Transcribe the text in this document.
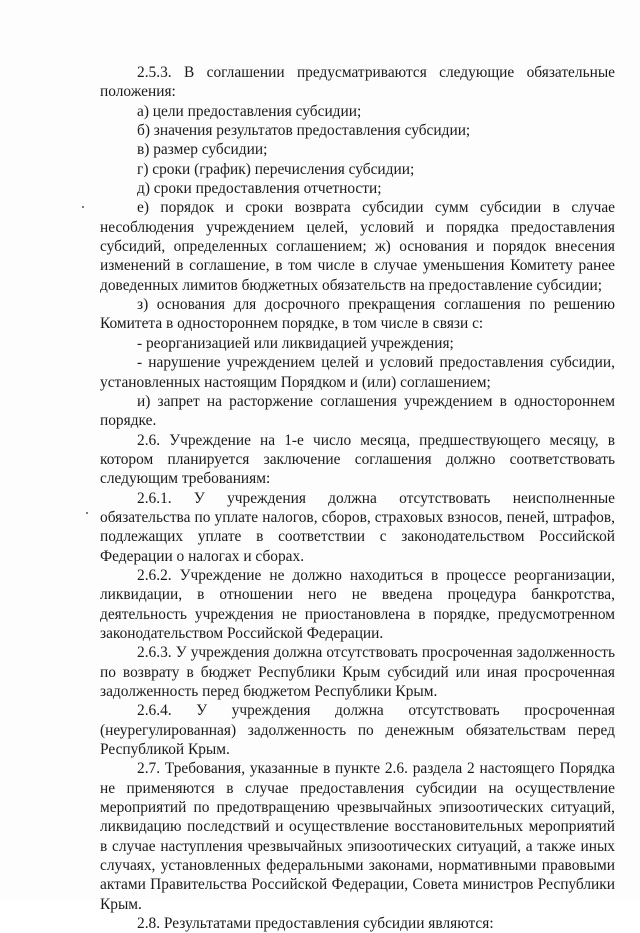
2.5.3. В соглашении предусматриваются следующие обязательные положения:

а) цели предоставления субсидии;

б) значения результатов предоставления субсидии;

в) размер субсидии;

г) сроки (график) перечисления субсидии;

д) сроки предоставления отчетности;

е) порядок и сроки возврата субсидии сумм субсидии в случае несоблюдения учреждением целей, условий и порядка предоставления субсидий, определенных соглашением; ж) основания и порядок внесения изменений в соглашение, в том числе в случае уменьшения Комитету ранее доведенных лимитов бюджетных обязательств на предоставление субсидии;

з) основания для досрочного прекращения соглашения по решению Комитета в одностороннем порядке, в том числе в связи с:

- реорганизацией или ликвидацией учреждения;

- нарушение учреждением целей и условий предоставления субсидии, установленных настоящим Порядком и (или) соглашением;

и) запрет на расторжение соглашения учреждением в одностороннем порядке.

2.6. Учреждение на 1-е число месяца, предшествующего месяцу, в котором планируется заключение соглашения должно соответствовать следующим требованиям:

2.6.1. У учреждения должна отсутствовать неисполненные обязательства по уплате налогов, сборов, страховых взносов, пеней, штрафов, подлежащих уплате в соответствии с законодательством Российской Федерации о налогах и сборах.

2.6.2. Учреждение не должно находиться в процессе реорганизации, ликвидации, в отношении него не введена процедура банкротства, деятельность учреждения не приостановлена в порядке, предусмотренном законодательством Российской Федерации.

2.6.3. У учреждения должна отсутствовать просроченная задолженность по возврату в бюджет Республики Крым субсидий или иная просроченная задолженность перед бюджетом Республики Крым.

2.6.4. У учреждения должна отсутствовать просроченная (неурегулированная) задолженность по денежным обязательствам перед Республикой Крым.

2.7. Требования, указанные в пункте 2.6. раздела 2 настоящего Порядка не применяются в случае предоставления субсидии на осуществление мероприятий по предотвращению чрезвычайных эпизоотических ситуаций, ликвидацию последствий и осуществление восстановительных мероприятий в случае наступления чрезвычайных эпизоотических ситуаций, а также иных случаях, установленных федеральными законами, нормативными правовыми актами Правительства Российской Федерации, Совета министров Республики Крым.

2.8. Результатами предоставления субсидии являются:
